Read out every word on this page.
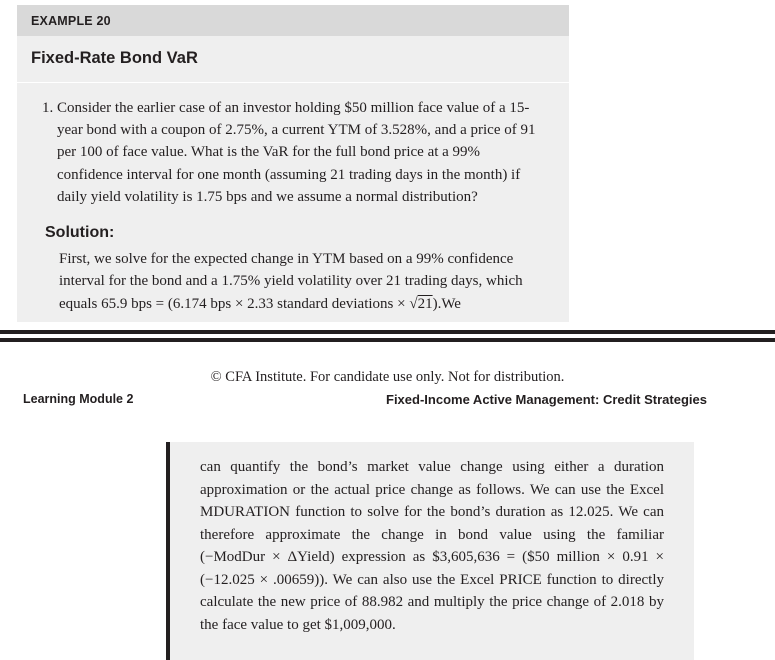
EXAMPLE 20
Fixed-Rate Bond VaR
1. Consider the earlier case of an investor holding $50 million face value of a 15-year bond with a coupon of 2.75%, a current YTM of 3.528%, and a price of 91 per 100 of face value. What is the VaR for the full bond price at a 99% confidence interval for one month (assuming 21 trading days in the month) if daily yield volatility is 1.75 bps and we assume a normal distribution?
Solution:

First, we solve for the expected change in YTM based on a 99% confidence interval for the bond and a 1.75% yield volatility over 21 trading days, which equals 65.9 bps = (6.174 bps × 2.33 standard deviations × √21).We

© CFA Institute. For candidate use only. Not for distribution.
Learning Module 2	Fixed-Income Active Management: Credit Strategies

can quantify the bond’s market value change using either a duration approximation or the actual price change as follows. We can use the Excel MDURATION function to solve for the bond’s duration as 12.025. We can therefore approximate the change in bond value using the familiar (−ModDur × ΔYield) expression as $3,605,636 = ($50 million × 0.91 × (−12.025 × .00659)). We can also use the Excel PRICE function to directly calculate the new price of 88.982 and multiply the price change of 2.018 by the face value to get $1,009,000.
